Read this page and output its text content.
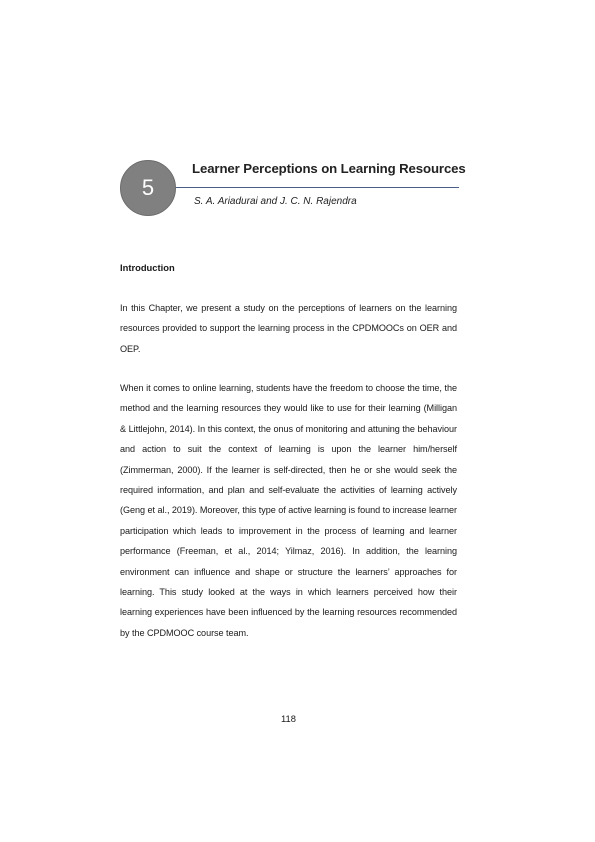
5
Learner Perceptions on Learning Resources
S. A. Ariadurai and J. C. N. Rajendra
Introduction

In this Chapter, we present a study on the perceptions of learners on the learning resources provided to support the learning process in the CPDMOOCs on OER and OEP.

When it comes to online learning, students have the freedom to choose the time, the method and the learning resources they would like to use for their learning (Milligan & Littlejohn, 2014). In this context, the onus of monitoring and attuning the behaviour and action to suit the context of learning is upon the learner him/herself (Zimmerman, 2000). If the learner is self-directed, then he or she would seek the required information, and plan and self-evaluate the activities of learning actively (Geng et al., 2019). Moreover, this type of active learning is found to increase learner participation which leads to improvement in the process of learning and learner performance (Freeman, et al., 2014; Yilmaz, 2016). In addition, the learning environment can influence and shape or structure the learners’ approaches for learning. This study looked at the ways in which learners perceived how their learning experiences have been influenced by the learning resources recommended by the CPDMOOC course team.

118
